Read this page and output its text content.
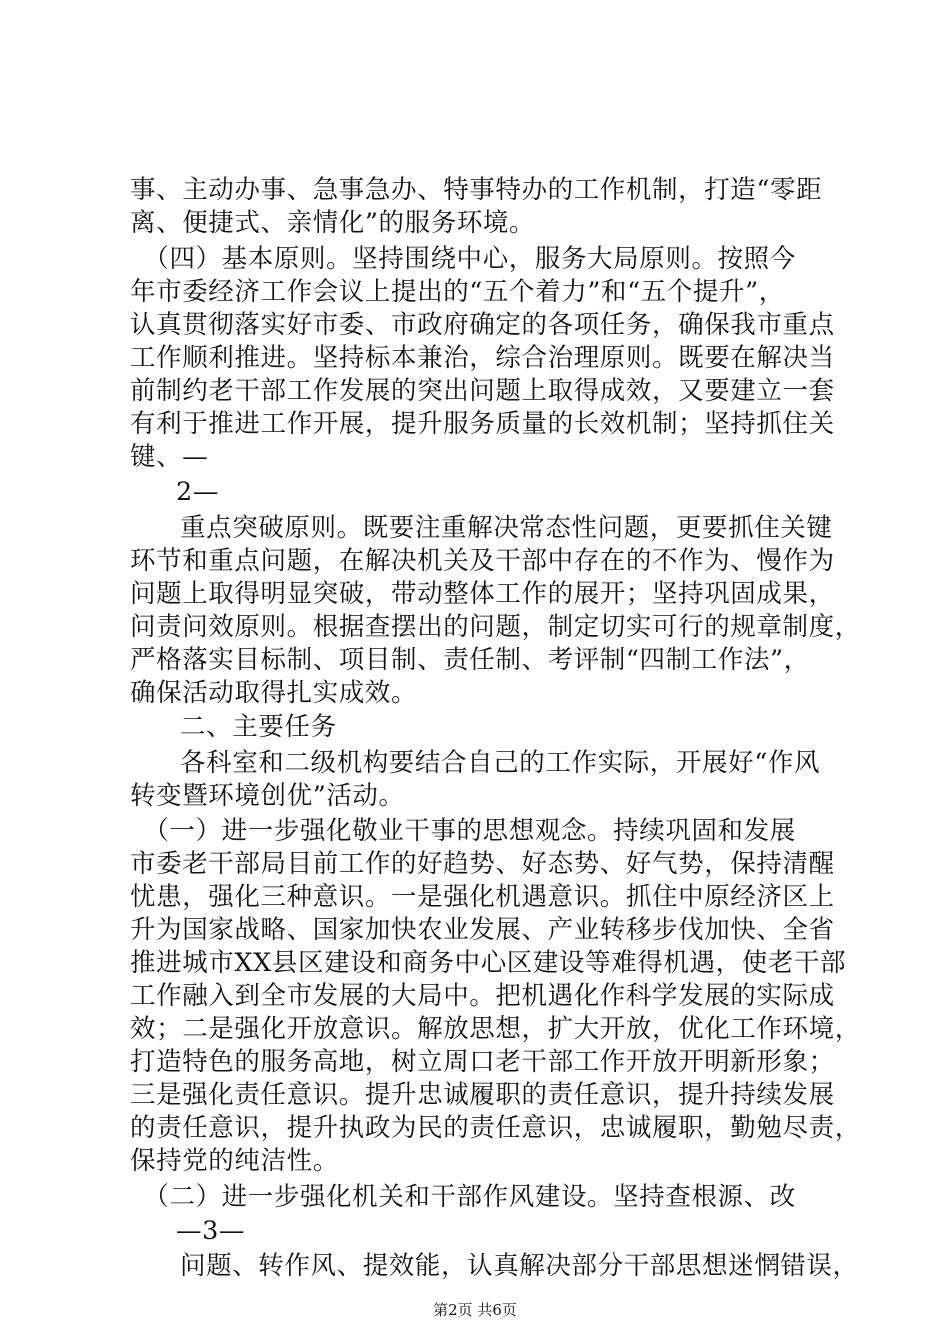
事、主动办事、急事急办、特事特办的工作机制，打造“零距
离、便捷式、亲情化”的服务环境。
　（四）基本原则。坚持围绕中心，服务大局原则。按照今
年市委经济工作会议上提出的“五个着力”和“五个提升”，
认真贯彻落实好市委、市政府确定的各项任务，确保我市重点
工作顺利推进。坚持标本兼治，综合治理原则。既要在解决当
前制约老干部工作发展的突出问题上取得成效，又要建立一套
有利于推进工作开展，提升服务质量的长效机制；坚持抓住关
键、—
2—
重点突破原则。既要注重解决常态性问题，更要抓住关键
环节和重点问题，在解决机关及干部中存在的不作为、慢作为
问题上取得明显突破，带动整体工作的展开；坚持巩固成果，
问责问效原则。根据查摆出的问题，制定切实可行的规章制度，
严格落实目标制、项目制、责任制、考评制“四制工作法”，
确保活动取得扎实成效。
二、主要任务
各科室和二级机构要结合自己的工作实际，开展好“作风
转变暨环境创优”活动。
　（一）进一步强化敬业干事的思想观念。持续巩固和发展
市委老干部局目前工作的好趋势、好态势、好气势，保持清醒
忧患，强化三种意识。一是强化机遇意识。抓住中原经济区上
升为国家战略、国家加快农业发展、产业转移步伐加快、全省
推进城市XX县区建设和商务中心区建设等难得机遇，使老干部
工作融入到全市发展的大局中。把机遇化作科学发展的实际成
效；二是强化开放意识。解放思想，扩大开放，优化工作环境，
打造特色的服务高地，树立周口老干部工作开放开明新形象；
三是强化责任意识。提升忠诚履职的责任意识，提升持续发展
的责任意识，提升执政为民的责任意识，忠诚履职，勤勉尽责，
保持党的纯洁性。
　（二）进一步强化机关和干部作风建设。坚持查根源、改
—3—
问题、转作风、提效能，认真解决部分干部思想迷惘错误，
第2页 共6页
